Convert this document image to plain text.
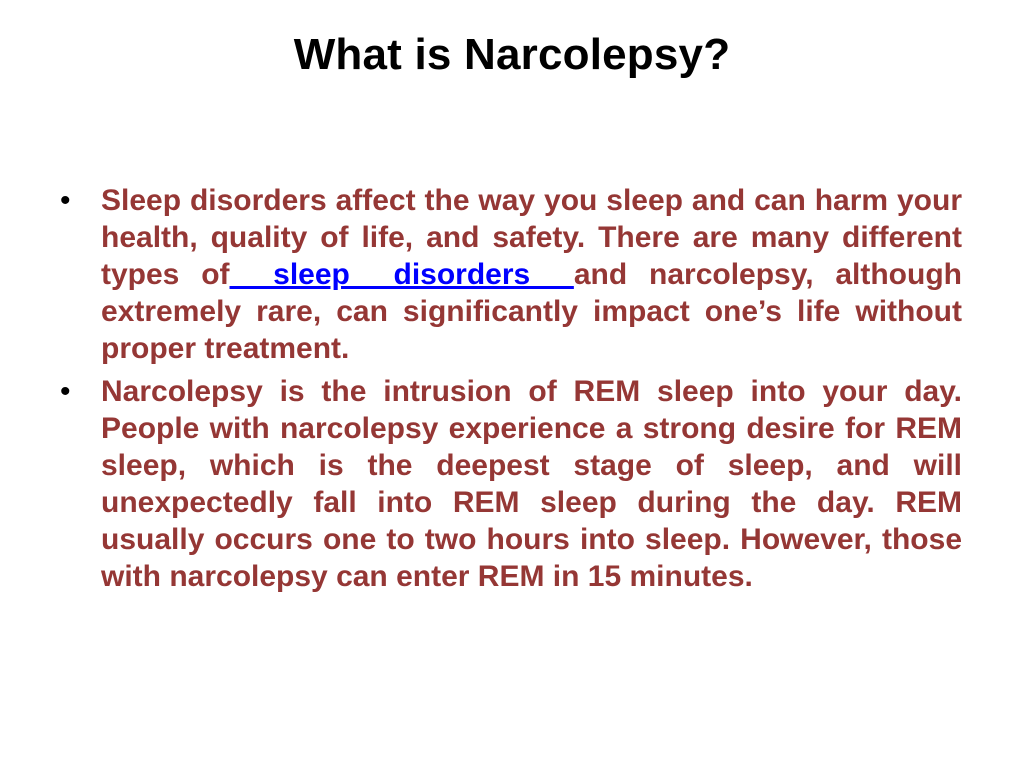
What is Narcolepsy?
• Sleep disorders affect the way you sleep and can harm your health, quality of life, and safety. There are many different types of  sleep  disorders  and narcolepsy, although extremely rare, can significantly impact one’s life without proper treatment.
• Narcolepsy is the intrusion of REM sleep into your day. People with narcolepsy experience a strong desire for REM sleep, which is the deepest stage of sleep, and will unexpectedly fall into REM sleep during the day. REM usually occurs one to two hours into sleep. However, those with narcolepsy can enter REM in 15 minutes.
